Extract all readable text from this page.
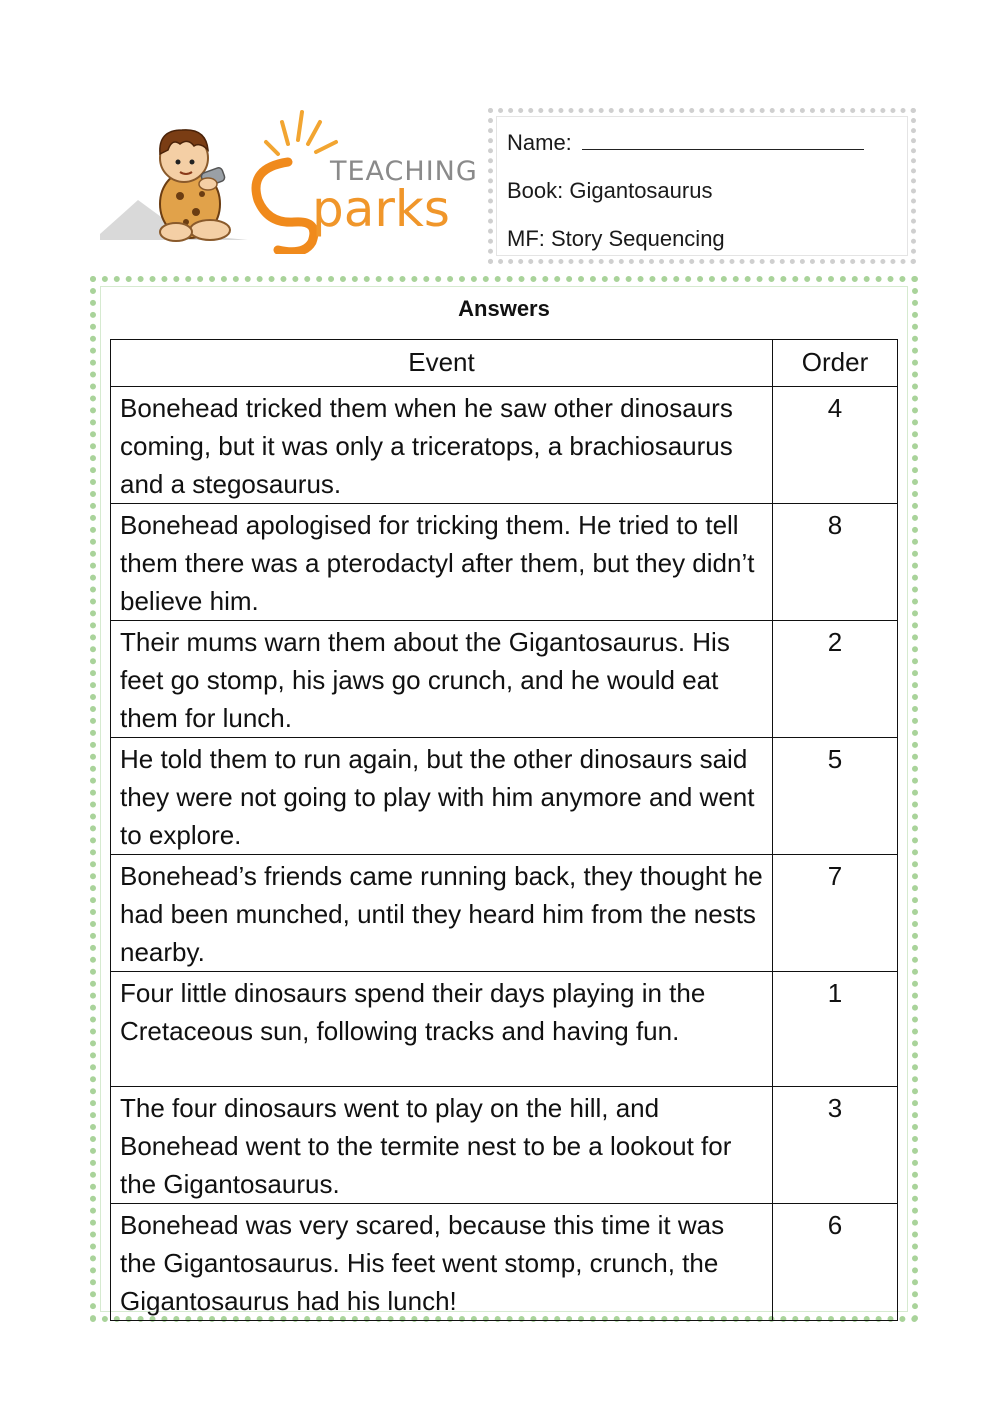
parks
TEACHING
Name:
Book: Gigantosaurus
MF: Story Sequencing
Answers
Event	Order
Bonehead tricked them when he saw other dinosaurs coming, but it was only a triceratops, a brachiosaurus and a stegosaurus.	4
Bonehead apologised for tricking them. He tried to tell them there was a pterodactyl after them, but they didn’t believe him.	8
Their mums warn them about the Gigantosaurus. His feet go stomp, his jaws go crunch, and he would eat them for lunch.	2
He told them to run again, but the other dinosaurs said they were not going to play with him anymore and went to explore.	5
Bonehead’s friends came running back, they thought he had been munched, until they heard him from the nests nearby.	7
Four little dinosaurs spend their days playing in the Cretaceous sun, following tracks and having fun.	1
The four dinosaurs went to play on the hill, and Bonehead went to the termite nest to be a lookout for the Gigantosaurus.	3
Bonehead was very scared, because this time it was the Gigantosaurus. His feet went stomp, crunch, the Gigantosaurus had his lunch!	6
